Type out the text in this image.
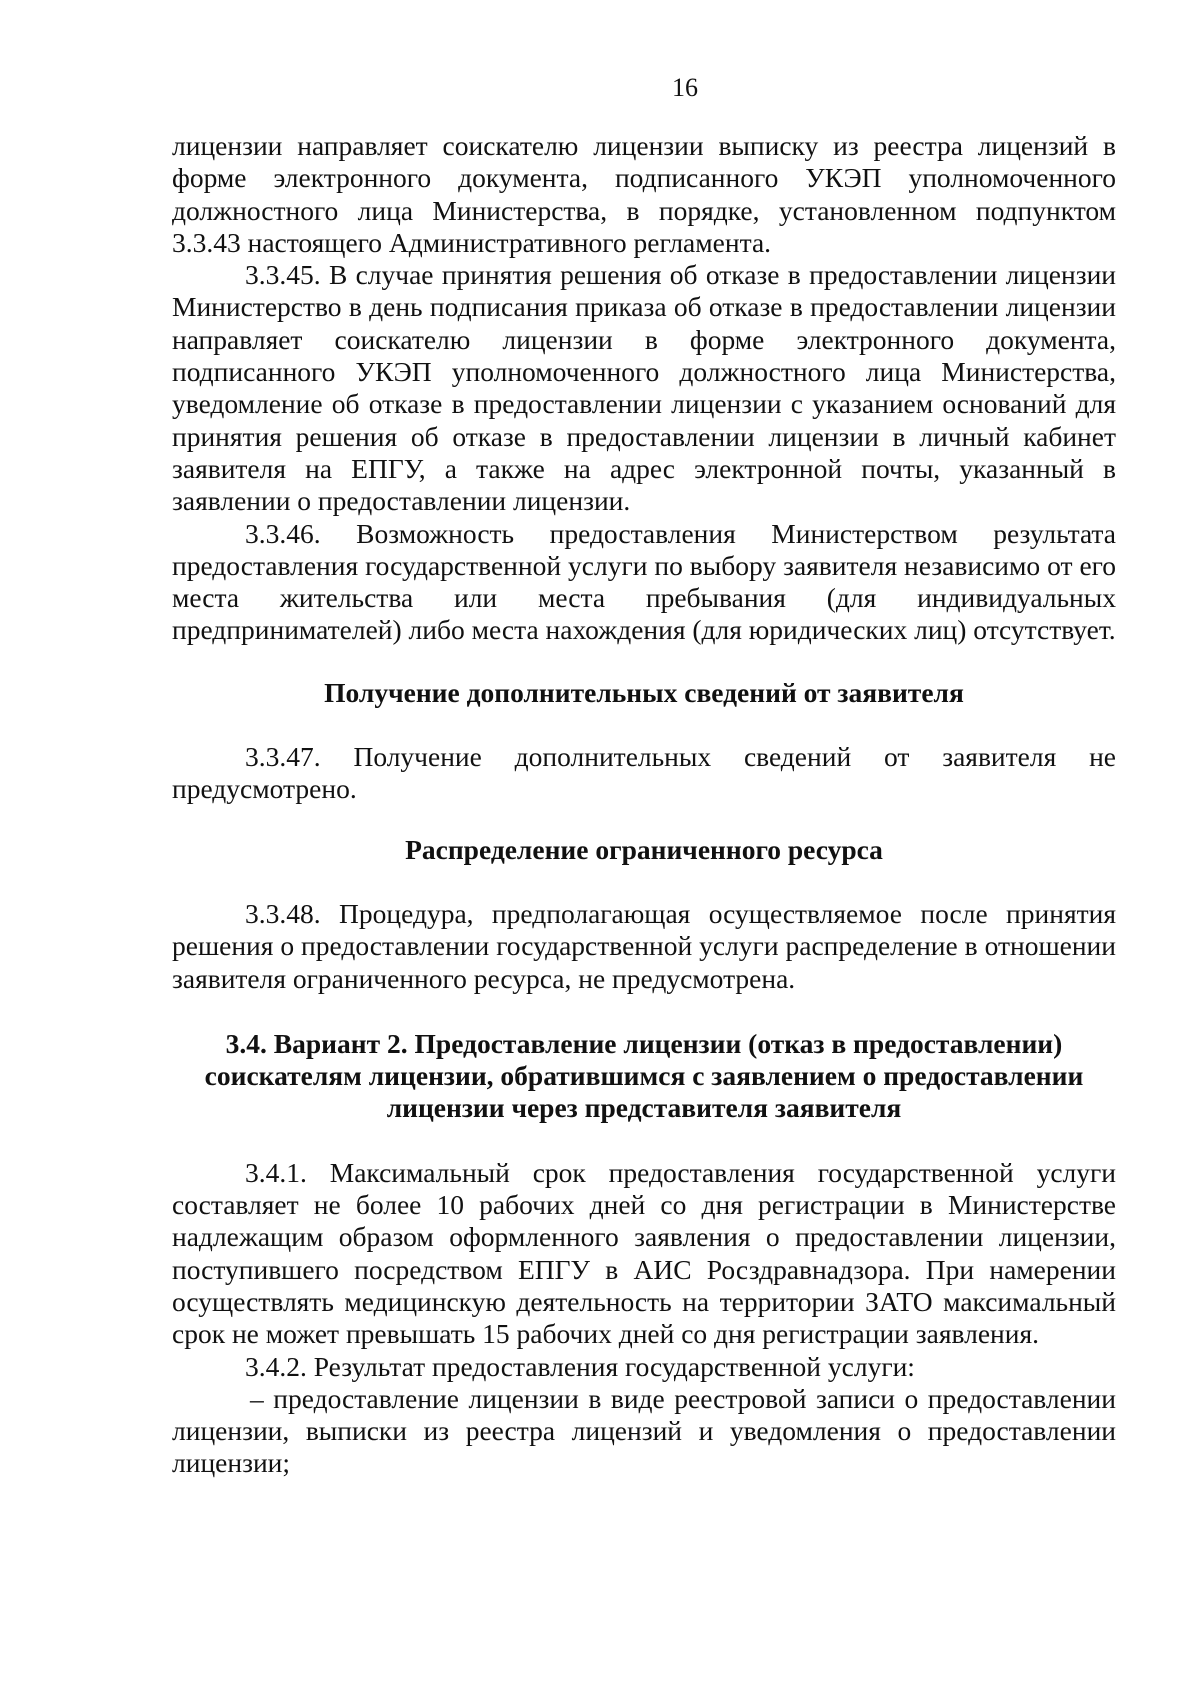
16

лицензии направляет соискателю лицензии выписку из реестра лицензий в форме электронного документа, подписанного УКЭП уполномоченного должностного лица Министерства, в порядке, установленном подпунктом 3.3.43 настоящего Административного регламента.

3.3.45. В случае принятия решения об отказе в предоставлении лицензии Министерство в день подписания приказа об отказе в предоставлении лицензии направляет соискателю лицензии в форме электронного документа, подписанного УКЭП уполномоченного должностного лица Министерства, уведомление об отказе в предоставлении лицензии с указанием оснований для принятия решения об отказе в предоставлении лицензии в личный кабинет заявителя на ЕПГУ, а также на адрес электронной почты, указанный в заявлении о предоставлении лицензии.

3.3.46. Возможность предоставления Министерством результата предоставления государственной услуги по выбору заявителя независимо от его места жительства или места пребывания (для индивидуальных предпринимателей) либо места нахождения (для юридических лиц) отсутствует.

Получение дополнительных сведений от заявителя

3.3.47. Получение дополнительных сведений от заявителя не предусмотрено.

Распределение ограниченного ресурса

3.3.48. Процедура, предполагающая осуществляемое после принятия решения о предоставлении государственной услуги распределение в отношении заявителя ограниченного ресурса, не предусмотрена.

3.4. Вариант 2. Предоставление лицензии (отказ в предоставлении)
соискателям лицензии, обратившимся с заявлением о предоставлении
лицензии через представителя заявителя

3.4.1. Максимальный срок предоставления государственной услуги составляет не более 10 рабочих дней со дня регистрации в Министерстве надлежащим образом оформленного заявления о предоставлении лицензии, поступившего посредством ЕПГУ в АИС Росздравнадзора. При намерении осуществлять медицинскую деятельность на территории ЗАТО максимальный срок не может превышать 15 рабочих дней со дня регистрации заявления.

3.4.2. Результат предоставления государственной услуги:

– предоставление лицензии в виде реестровой записи о предоставлении лицензии, выписки из реестра лицензий и уведомления о предоставлении лицензии;
